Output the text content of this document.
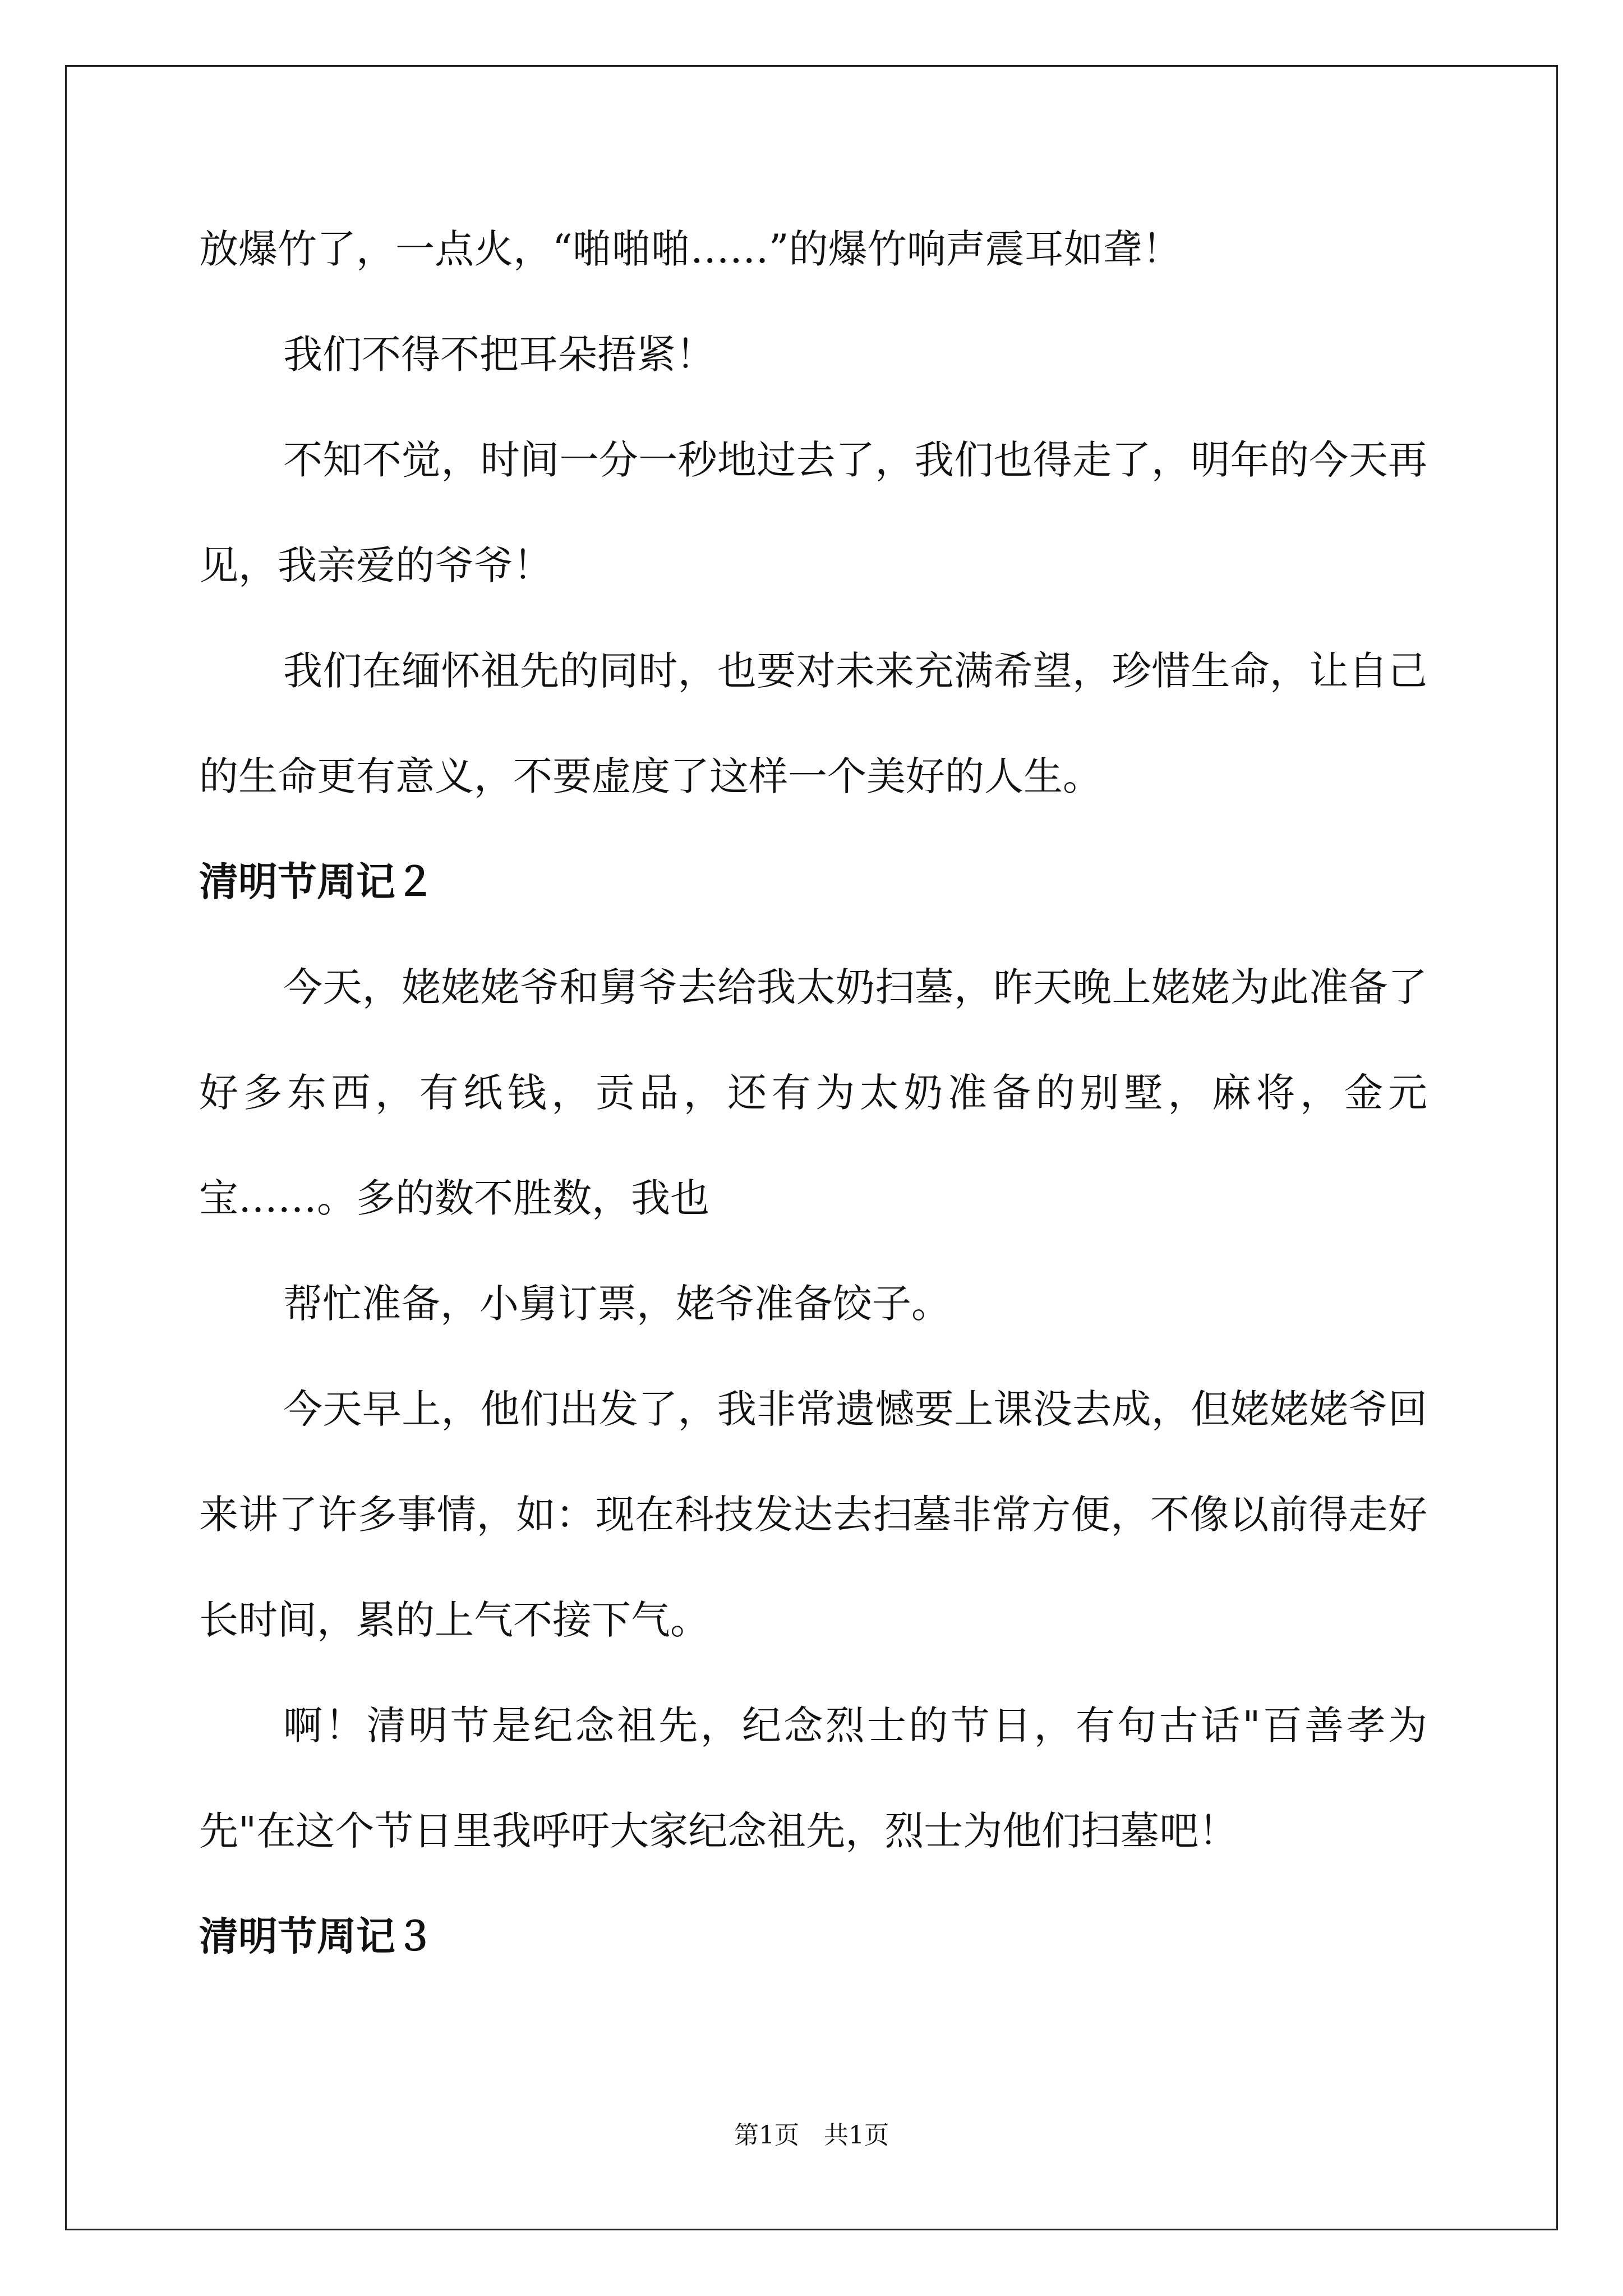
放爆竹了，一点火，“啪啪啪……”的爆竹响声震耳如聋！

我们不得不把耳朵捂紧！

不知不觉，时间一分一秒地过去了，我们也得走了，明年的今天再见，我亲爱的爷爷！

我们在缅怀祖先的同时，也要对未来充满希望，珍惜生命，让自己的生命更有意义，不要虚度了这样一个美好的人生。

清明节周记２

今天，姥姥姥爷和舅爷去给我太奶扫墓，昨天晚上姥姥为此准备了好多东西，有纸钱，贡品，还有为太奶准备的别墅，麻将，金元宝……。多的数不胜数，我也

帮忙准备，小舅订票，姥爷准备饺子。

今天早上，他们出发了，我非常遗憾要上课没去成，但姥姥姥爷回来讲了许多事情，如：现在科技发达去扫墓非常方便，不像以前得走好长时间，累的上气不接下气。

啊！清明节是纪念祖先，纪念烈士的节日，有句古话"百善孝为先"在这个节日里我呼吁大家纪念祖先，烈士为他们扫墓吧！

清明节周记３
第1页　共1页
